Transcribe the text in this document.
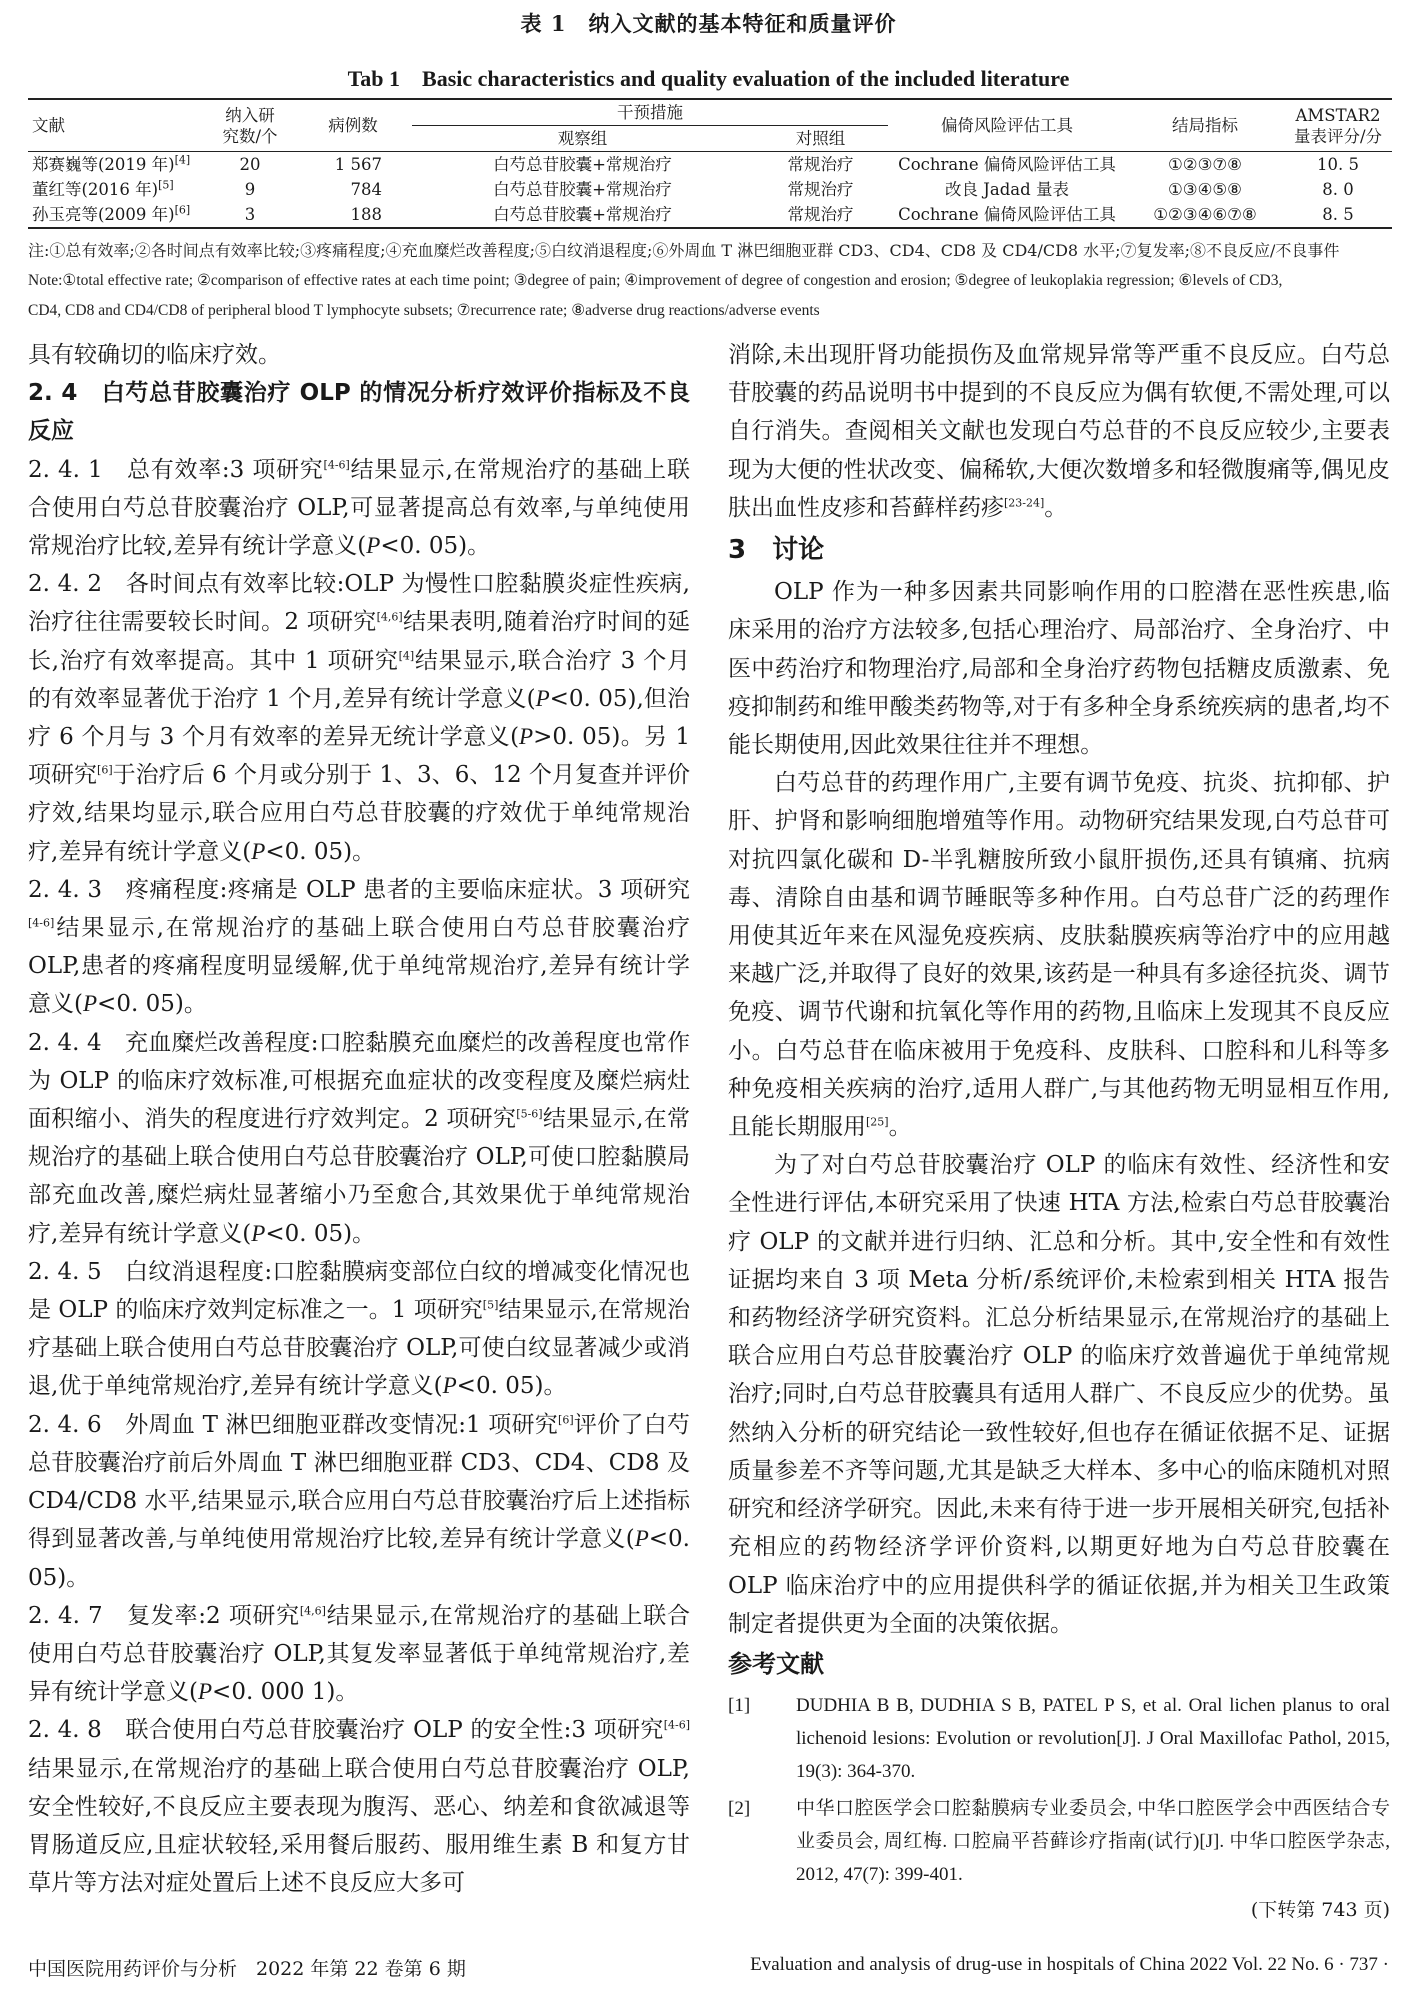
表 1　纳入文献的基本特征和质量评价
Tab 1　Basic characteristics and quality evaluation of the included literature
文献	纳入研
究数/个	病例数	干预措施		偏倚风险评估工具	结局指标	AMSTAR2
量表评分/分
			观察组	对照组			
郑赛巍等(2019 年)[4]	20	1 567	白芍总苷胶囊+常规治疗	常规治疗	Cochrane 偏倚风险评估工具	①②③⑦⑧	10. 5
董红等(2016 年)[5]	9	784	白芍总苷胶囊+常规治疗	常规治疗	改良 Jadad 量表	①③④⑤⑧	8. 0
孙玉亮等(2009 年)[6]	3	188	白芍总苷胶囊+常规治疗	常规治疗	Cochrane 偏倚风险评估工具	①②③④⑥⑦⑧	8. 5
注:①总有效率;②各时间点有效率比较;③疼痛程度;④充血糜烂改善程度;⑤白纹消退程度;⑥外周血 T 淋巴细胞亚群 CD3、CD4、CD8 及 CD4/CD8 水平;⑦复发率;⑧不良反应/不良事件
Note:①total effective rate; ②comparison of effective rates at each time point; ③degree of pain; ④improvement of degree of congestion and erosion; ⑤degree of leukoplakia regression; ⑥levels of CD3,
CD4, CD8 and CD4/CD8 of peripheral blood T lymphocyte subsets; ⑦recurrence rate; ⑧adverse drug reactions/adverse events

具有较确切的临床疗效。

2. 4　白芍总苷胶囊治疗 OLP 的情况分析疗效评价指标及不良反应

2. 4. 1　总有效率:3 项研究[4-6]结果显示,在常规治疗的基础上联合使用白芍总苷胶囊治疗 OLP,可显著提高总有效率,与单纯使用常规治疗比较,差异有统计学意义(P<0. 05)。

2. 4. 2　各时间点有效率比较:OLP 为慢性口腔黏膜炎症性疾病,治疗往往需要较长时间。2 项研究[4,6]结果表明,随着治疗时间的延长,治疗有效率提高。其中 1 项研究[4]结果显示,联合治疗 3 个月的有效率显著优于治疗 1 个月,差异有统计学意义(P<0. 05),但治疗 6 个月与 3 个月有效率的差异无统计学意义(P>0. 05)。另 1 项研究[6]于治疗后 6 个月或分别于 1、3、6、12 个月复查并评价疗效,结果均显示,联合应用白芍总苷胶囊的疗效优于单纯常规治疗,差异有统计学意义(P<0. 05)。

2. 4. 3　疼痛程度:疼痛是 OLP 患者的主要临床症状。3 项研究[4-6]结果显示,在常规治疗的基础上联合使用白芍总苷胶囊治疗 OLP,患者的疼痛程度明显缓解,优于单纯常规治疗,差异有统计学意义(P<0. 05)。

2. 4. 4　充血糜烂改善程度:口腔黏膜充血糜烂的改善程度也常作为 OLP 的临床疗效标准,可根据充血症状的改变程度及糜烂病灶面积缩小、消失的程度进行疗效判定。2 项研究[5-6]结果显示,在常规治疗的基础上联合使用白芍总苷胶囊治疗 OLP,可使口腔黏膜局部充血改善,糜烂病灶显著缩小乃至愈合,其效果优于单纯常规治疗,差异有统计学意义(P<0. 05)。

2. 4. 5　白纹消退程度:口腔黏膜病变部位白纹的增减变化情况也是 OLP 的临床疗效判定标准之一。1 项研究[5]结果显示,在常规治疗基础上联合使用白芍总苷胶囊治疗 OLP,可使白纹显著减少或消退,优于单纯常规治疗,差异有统计学意义(P<0. 05)。

2. 4. 6　外周血 T 淋巴细胞亚群改变情况:1 项研究[6]评价了白芍总苷胶囊治疗前后外周血 T 淋巴细胞亚群 CD3、CD4、CD8 及 CD4/CD8 水平,结果显示,联合应用白芍总苷胶囊治疗后上述指标得到显著改善,与单纯使用常规治疗比较,差异有统计学意义(P<0. 05)。

2. 4. 7　复发率:2 项研究[4,6]结果显示,在常规治疗的基础上联合使用白芍总苷胶囊治疗 OLP,其复发率显著低于单纯常规治疗,差异有统计学意义(P<0. 000 1)。

2. 4. 8　联合使用白芍总苷胶囊治疗 OLP 的安全性:3 项研究[4-6]结果显示,在常规治疗的基础上联合使用白芍总苷胶囊治疗 OLP,安全性较好,不良反应主要表现为腹泻、恶心、纳差和食欲减退等胃肠道反应,且症状较轻,采用餐后服药、服用维生素 B 和复方甘草片等方法对症处置后上述不良反应大多可

消除,未出现肝肾功能损伤及血常规异常等严重不良反应。白芍总苷胶囊的药品说明书中提到的不良反应为偶有软便,不需处理,可以自行消失。查阅相关文献也发现白芍总苷的不良反应较少,主要表现为大便的性状改变、偏稀软,大便次数增多和轻微腹痛等,偶见皮肤出血性皮疹和苔藓样药疹[23-24]。

3　讨论

OLP 作为一种多因素共同影响作用的口腔潜在恶性疾患,临床采用的治疗方法较多,包括心理治疗、局部治疗、全身治疗、中医中药治疗和物理治疗,局部和全身治疗药物包括糖皮质激素、免疫抑制药和维甲酸类药物等,对于有多种全身系统疾病的患者,均不能长期使用,因此效果往往并不理想。

白芍总苷的药理作用广,主要有调节免疫、抗炎、抗抑郁、护肝、护肾和影响细胞增殖等作用。动物研究结果发现,白芍总苷可对抗四氯化碳和 D-半乳糖胺所致小鼠肝损伤,还具有镇痛、抗病毒、清除自由基和调节睡眠等多种作用。白芍总苷广泛的药理作用使其近年来在风湿免疫疾病、皮肤黏膜疾病等治疗中的应用越来越广泛,并取得了良好的效果,该药是一种具有多途径抗炎、调节免疫、调节代谢和抗氧化等作用的药物,且临床上发现其不良反应小。白芍总苷在临床被用于免疫科、皮肤科、口腔科和儿科等多种免疫相关疾病的治疗,适用人群广,与其他药物无明显相互作用,且能长期服用[25]。

为了对白芍总苷胶囊治疗 OLP 的临床有效性、经济性和安全性进行评估,本研究采用了快速 HTA 方法,检索白芍总苷胶囊治疗 OLP 的文献并进行归纳、汇总和分析。其中,安全性和有效性证据均来自 3 项 Meta 分析/系统评价,未检索到相关 HTA 报告和药物经济学研究资料。汇总分析结果显示,在常规治疗的基础上联合应用白芍总苷胶囊治疗 OLP 的临床疗效普遍优于单纯常规治疗;同时,白芍总苷胶囊具有适用人群广、不良反应少的优势。虽然纳入分析的研究结论一致性较好,但也存在循证依据不足、证据质量参差不齐等问题,尤其是缺乏大样本、多中心的临床随机对照研究和经济学研究。因此,未来有待于进一步开展相关研究,包括补充相应的药物经济学评价资料,以期更好地为白芍总苷胶囊在 OLP 临床治疗中的应用提供科学的循证依据,并为相关卫生政策制定者提供更为全面的决策依据。

参考文献

[1]	DUDHIA B B, DUDHIA S B, PATEL P S, et al. Oral lichen planus to oral lichenoid lesions: Evolution or revolution[J]. J Oral Maxillofac Pathol, 2015, 19(3): 364-370.

[2]	中华口腔医学会口腔黏膜病专业委员会, 中华口腔医学会中西医结合专业委员会, 周红梅. 口腔扁平苔藓诊疗指南(试行)[J]. 中华口腔医学杂志, 2012, 47(7): 399-401.

(下转第 743 页)

中国医院用药评价与分析　2022 年第 22 卷第 6 期	Evaluation and analysis of drug-use in hospitals of China 2022 Vol. 22 No. 6 · 737 ·
